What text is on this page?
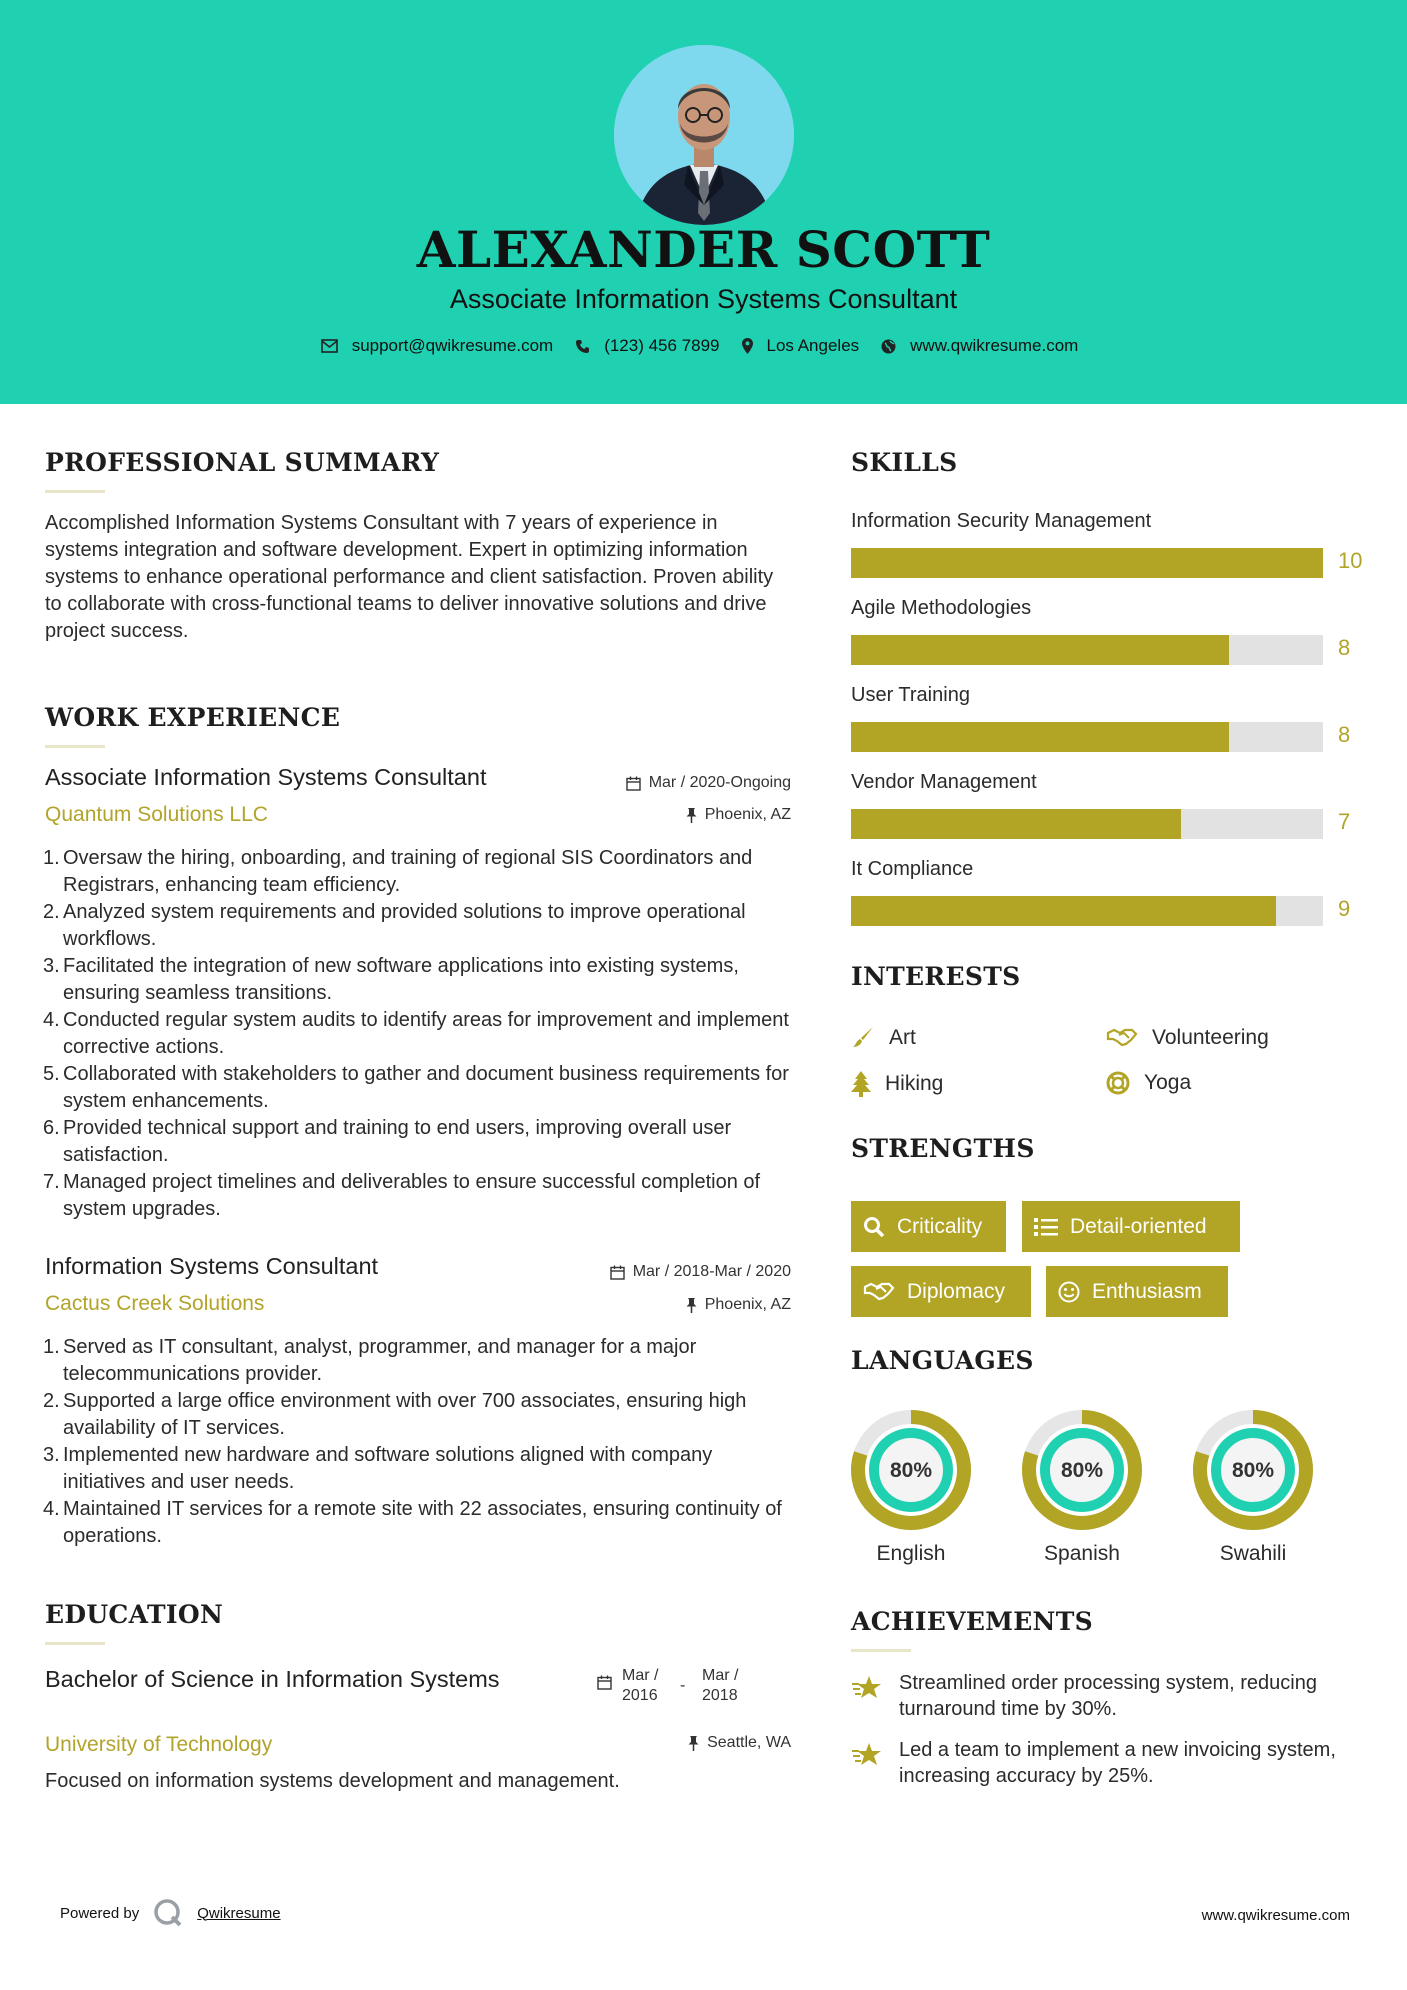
ALEXANDER SCOTT
Associate Information Systems Consultant
support@qwikresume.com	(123) 456 7899	Los Angeles	www.qwikresume.com
PROFESSIONAL SUMMARY
Accomplished Information Systems Consultant with 7 years of experience in systems integration and software development. Expert in optimizing information systems to enhance operational performance and client satisfaction. Proven ability to collaborate with cross-functional teams to deliver innovative solutions and drive project success.
WORK EXPERIENCE
Associate Information Systems Consultant	Mar / 2020-Ongoing
Quantum Solutions LLC	Phoenix, AZ
1. Oversaw the hiring, onboarding, and training of regional SIS Coordinators and Registrars, enhancing team efficiency.
2. Analyzed system requirements and provided solutions to improve operational workflows.
3. Facilitated the integration of new software applications into existing systems, ensuring seamless transitions.
4. Conducted regular system audits to identify areas for improvement and implement corrective actions.
5. Collaborated with stakeholders to gather and document business requirements for system enhancements.
6. Provided technical support and training to end users, improving overall user satisfaction.
7. Managed project timelines and deliverables to ensure successful completion of system upgrades.
Information Systems Consultant	Mar / 2018-Mar / 2020
Cactus Creek Solutions	Phoenix, AZ
1. Served as IT consultant, analyst, programmer, and manager for a major telecommunications provider.
2. Supported a large office environment with over 700 associates, ensuring high availability of IT services.
3. Implemented new hardware and software solutions aligned with company initiatives and user needs.
4. Maintained IT services for a remote site with 22 associates, ensuring continuity of operations.
EDUCATION
Bachelor of Science in Information Systems	Mar / 2016
-
Mar / 2018
University of Technology	Seattle, WA
Focused on information systems development and management.
SKILLS
Information Security Management
10
Agile Methodologies
8
User Training
8
Vendor Management
7
It Compliance
9
INTERESTS
Art	Volunteering
Hiking	Yoga
STRENGTHS
Criticality	Detail-oriented
Diplomacy	Enthusiasm
LANGUAGES
80%
English
80%
Spanish
80%
Swahili
ACHIEVEMENTS
Streamlined order processing system, reducing turnaround time by 30%.
Led a team to implement a new invoicing system, increasing accuracy by 25%.
Powered by	Qwikresume	www.qwikresume.com
